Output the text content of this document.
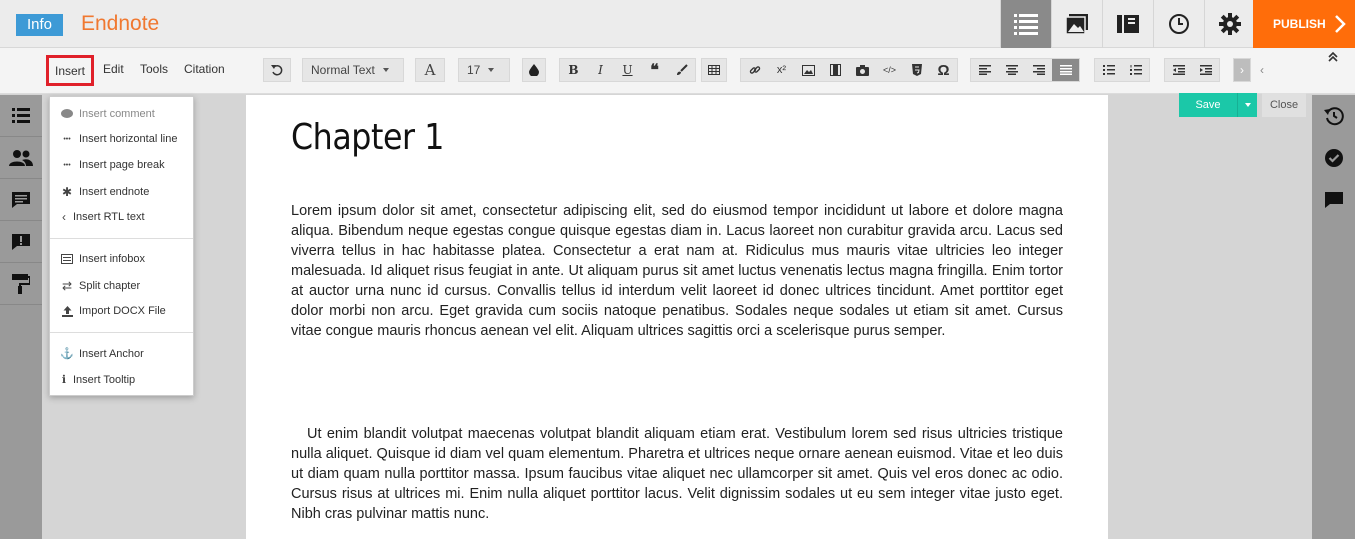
Info	Endnote	PUBLISH
Insert	Edit Tools Citation	Normal Text	A	17	B	I	U	❝	x²	</>	Ω	›	‹
Chapter 1

Lorem ipsum dolor sit amet, consectetur adipiscing elit, sed do eiusmod tempor incididunt ut labore et dolore magna aliqua. Bibendum neque egestas congue quisque egestas diam in. Lacus laoreet non curabitur gravida arcu. Lacus sed viverra tellus in hac habitasse platea. Consectetur a erat nam at. Ridiculus mus mauris vitae ultricies leo integer malesuada. Id aliquet risus feugiat in ante. Ut aliquam purus sit amet luctus venenatis lectus magna fringilla. Enim tortor at auctor urna nunc id cursus. Convallis tellus id interdum velit laoreet id donec ultrices tincidunt. Amet porttitor eget dolor morbi non arcu. Eget gravida cum sociis natoque penatibus. Sodales neque sodales ut etiam sit amet. Cursus vitae congue mauris rhoncus aenean vel elit. Aliquam ultrices sagittis orci a scelerisque purus semper.

Ut enim blandit volutpat maecenas volutpat blandit aliquam etiam erat. Vestibulum lorem sed risus ultricies tristique nulla aliquet. Quisque id diam vel quam elementum. Pharetra et ultrices neque ornare aenean euismod. Vitae et leo duis ut diam quam nulla porttitor massa. Ipsum faucibus vitae aliquet nec ullamcorper sit amet. Quis vel eros donec ac odio. Cursus risus at ultrices mi. Enim nulla aliquet porttitor lacus. Velit dignissim sodales ut eu sem integer vitae justo eget. Nibh cras pulvinar mattis nunc.

Save	Close
Insert comment
••• Insert horizontal line
••• Insert page break
✱ Insert endnote
‹ Insert RTL text
Insert infobox
⇄ Split chapter
Import DOCX File
⚓ Insert Anchor
ℹ Insert Tooltip
